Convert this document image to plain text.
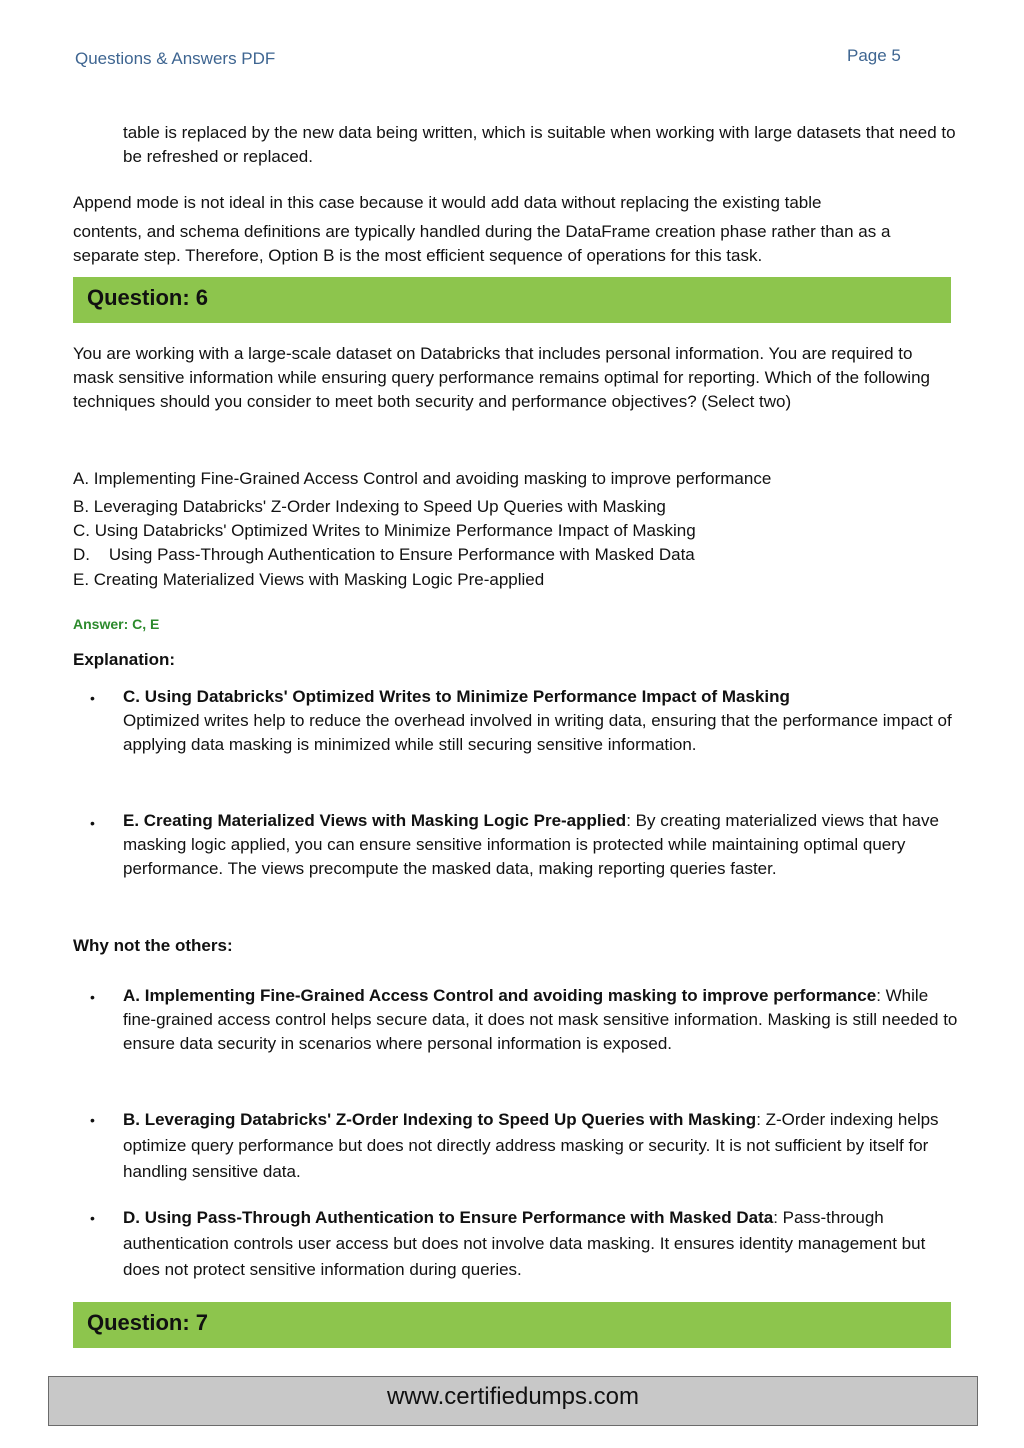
Questions & Answers PDF	Page 5
table is replaced by the new data being written, which is suitable when working with large datasets that need to be refreshed or replaced.
Append mode is not ideal in this case because it would add data without replacing the existing table
contents, and schema definitions are typically handled during the DataFrame creation phase rather than as a separate step. Therefore, Option B is the most efficient sequence of operations for this task.
Question: 6
You are working with a large-scale dataset on Databricks that includes personal information. You are required to mask sensitive information while ensuring query performance remains optimal for reporting. Which of the following techniques should you consider to meet both security and performance objectives? (Select two)
A. Implementing Fine-Grained Access Control and avoiding masking to improve performance
B. Leveraging Databricks' Z-Order Indexing to Speed Up Queries with Masking
C. Using Databricks' Optimized Writes to Minimize Performance Impact of Masking
D.    Using Pass-Through Authentication to Ensure Performance with Masked Data
E. Creating Materialized Views with Masking Logic Pre-applied
Answer: C, E
Explanation:
• C. Using Databricks' Optimized Writes to Minimize Performance Impact of Masking
Optimized writes help to reduce the overhead involved in writing data, ensuring that the performance impact of applying data masking is minimized while still securing sensitive information.
• E. Creating Materialized Views with Masking Logic Pre-applied: By creating materialized views that have masking logic applied, you can ensure sensitive information is protected while maintaining optimal query performance. The views precompute the masked data, making reporting queries faster.
Why not the others:
• A. Implementing Fine-Grained Access Control and avoiding masking to improve performance: While fine-grained access control helps secure data, it does not mask sensitive information. Masking is still needed to ensure data security in scenarios where personal information is exposed.
• B. Leveraging Databricks' Z-Order Indexing to Speed Up Queries with Masking: Z-Order indexing helps optimize query performance but does not directly address masking or security. It is not sufficient by itself for handling sensitive data.
• D. Using Pass-Through Authentication to Ensure Performance with Masked Data: Pass-through authentication controls user access but does not involve data masking. It ensures identity management but does not protect sensitive information during queries.
Question: 7
www.certifiedumps.com
